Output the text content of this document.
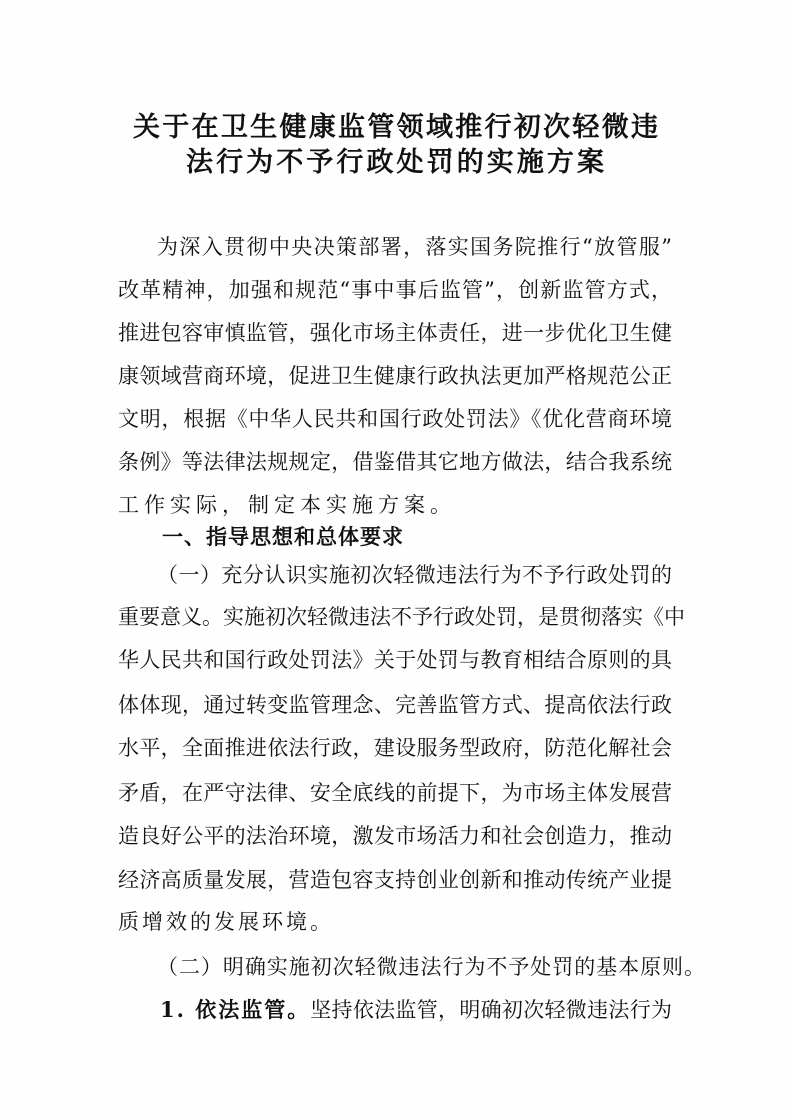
关于在卫生健康监管领域推行初次轻微违
法行为不予行政处罚的实施方案
为深入贯彻中央决策部署，落实国务院推行“放管服”
改革精神，加强和规范“事中事后监管”，创新监管方式，
推进包容审慎监管，强化市场主体责任，进一步优化卫生健
康领域营商环境，促进卫生健康行政执法更加严格规范公正
文明，根据《中华人民共和国行政处罚法》《优化营商环境
条例》等法律法规规定，借鉴借其它地方做法，结合我系统
工作实际，制定本实施方案。
一、指导思想和总体要求
（一）充分认识实施初次轻微违法行为不予行政处罚的
重要意义。实施初次轻微违法不予行政处罚，是贯彻落实《中
华人民共和国行政处罚法》关于处罚与教育相结合原则的具
体体现，通过转变监管理念、完善监管方式、提高依法行政
水平，全面推进依法行政，建设服务型政府，防范化解社会
矛盾，在严守法律、安全底线的前提下，为市场主体发展营
造良好公平的法治环境，激发市场活力和社会创造力，推动
经济高质量发展，营造包容支持创业创新和推动传统产业提
质增效的发展环境。
（二）明确实施初次轻微违法行为不予处罚的基本原则。
1. 依法监管。 坚持依法监管，明确初次轻微违法行为
